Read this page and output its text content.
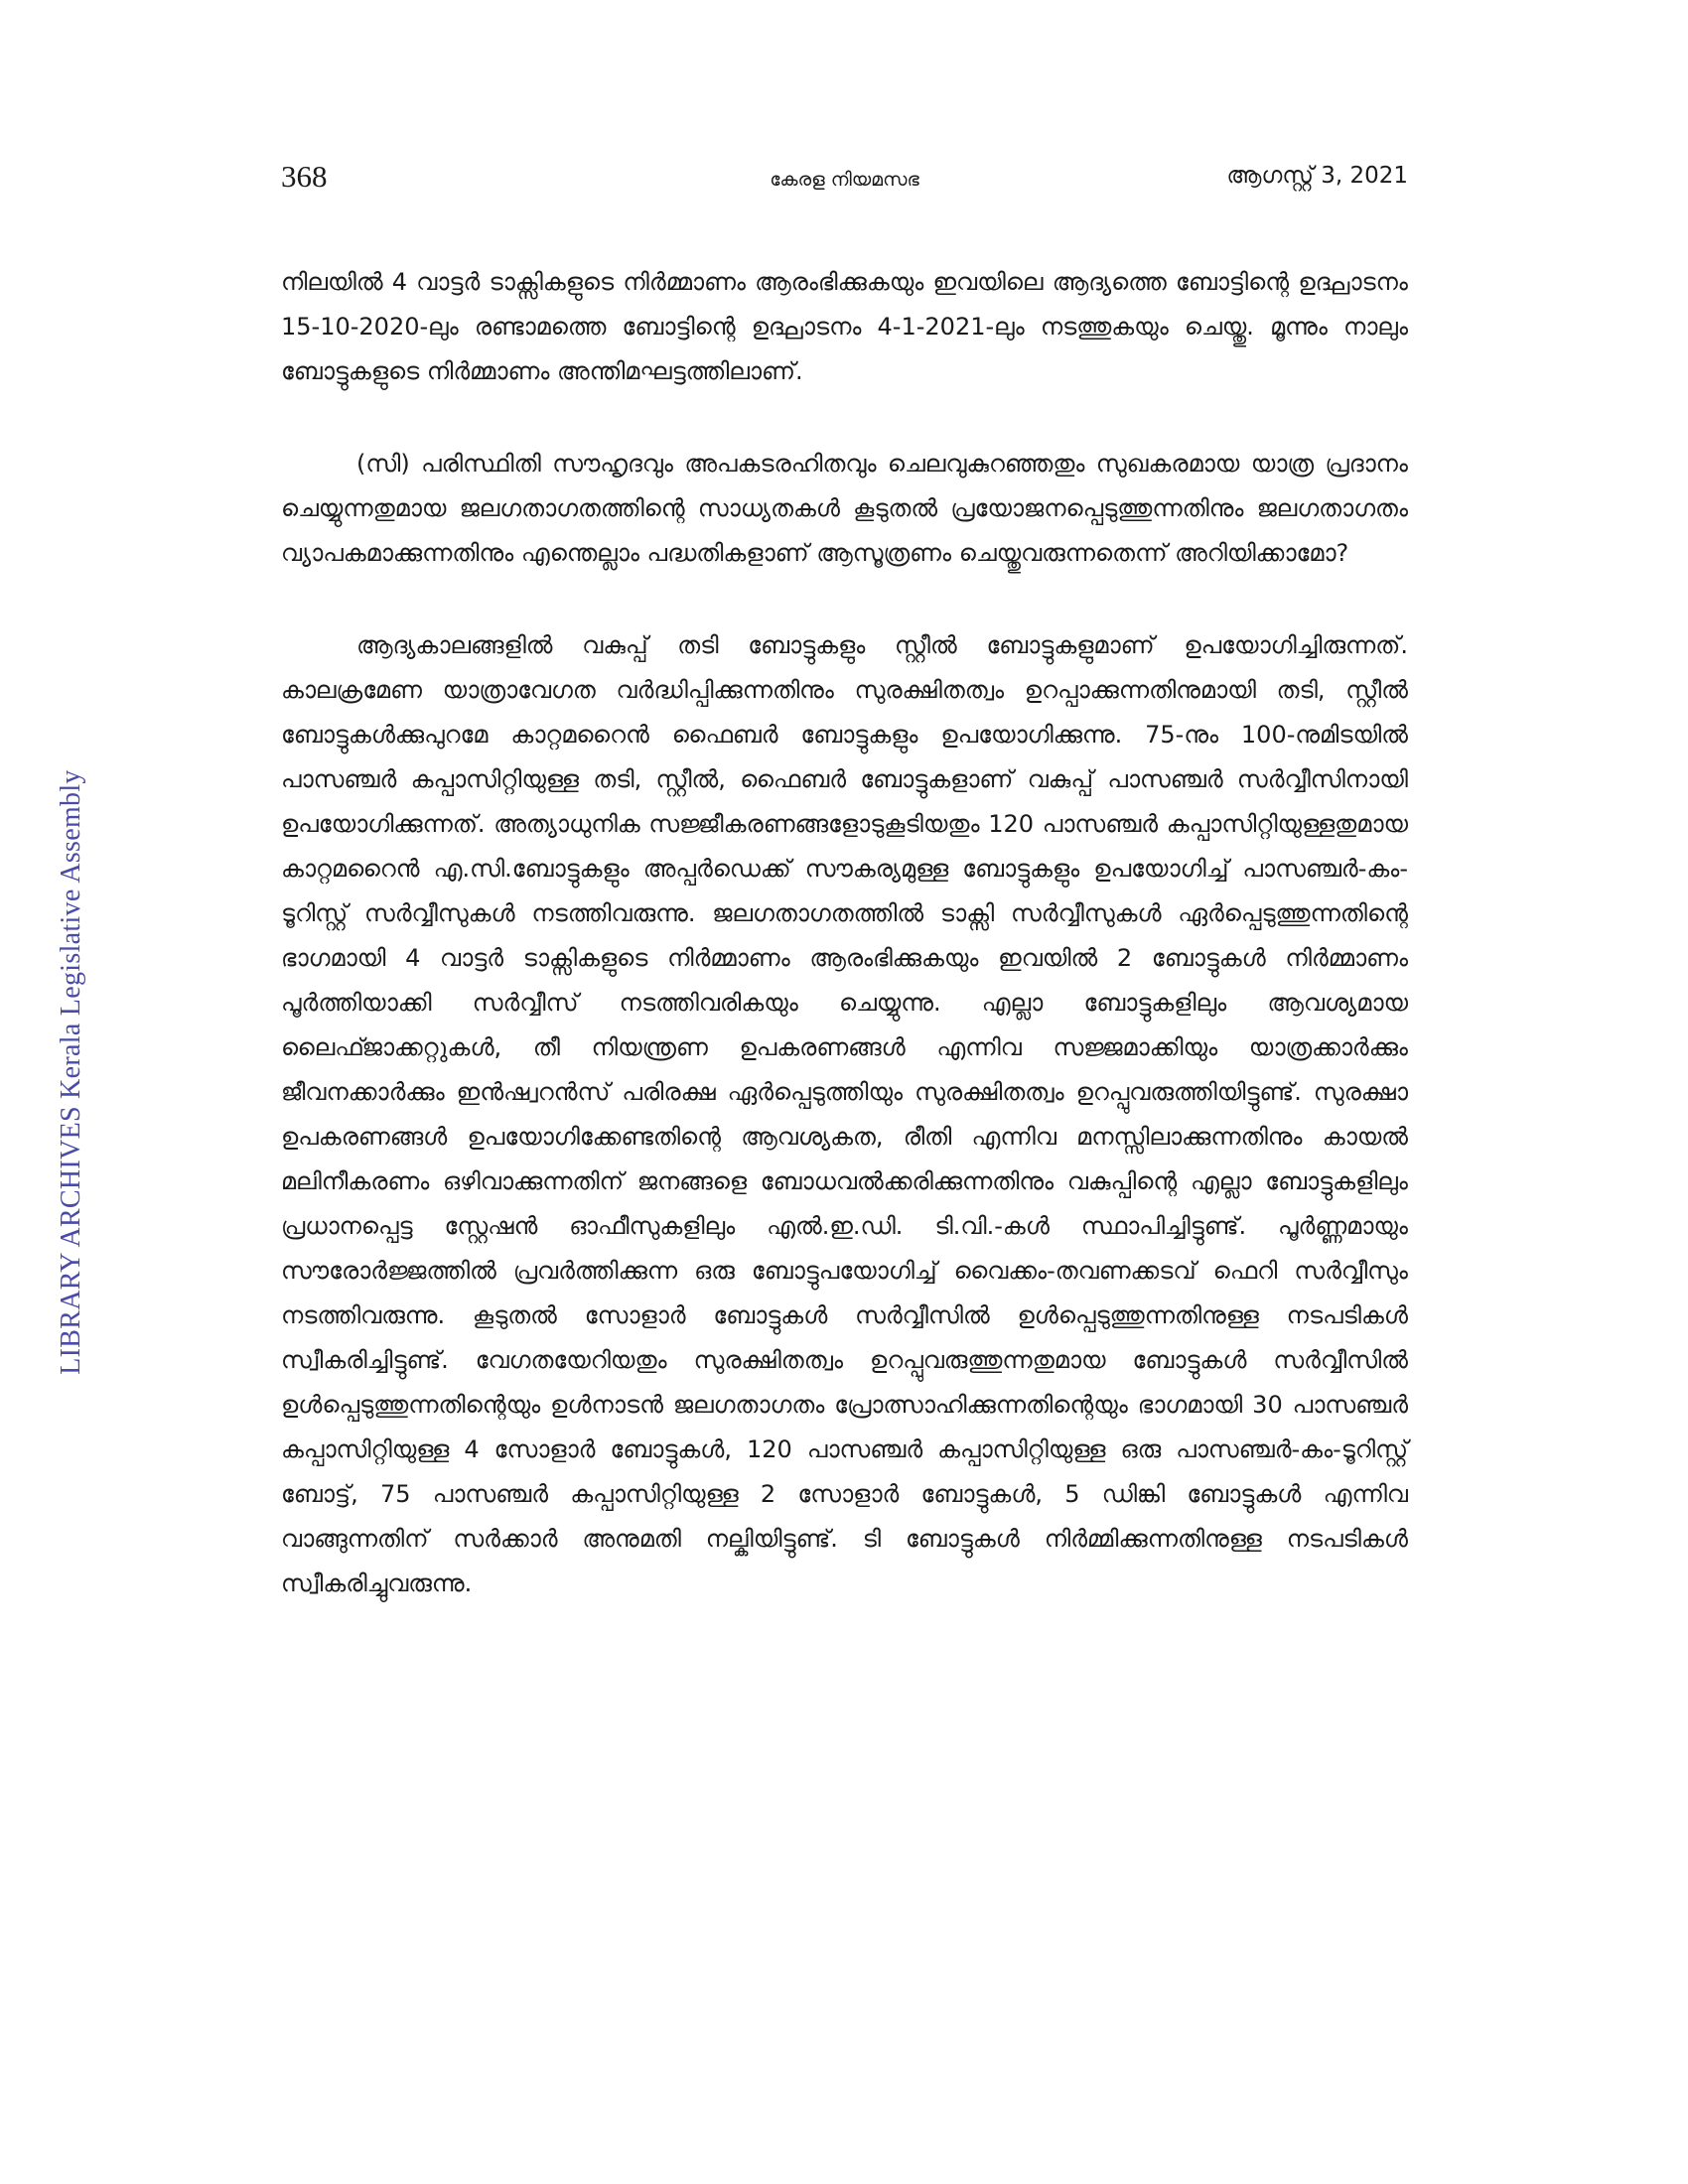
368	കേരള നിയമസഭ	ആഗസ്റ്റ് 3, 2021
LIBRARY ARCHIVES Kerala Legislative Assembly

നിലയിൽ 4 വാട്ടർ ടാക്സികളുടെ നിർമ്മാണം ആരംഭിക്കുകയും ഇവയിലെ ആദ്യത്തെ ബോട്ടിന്റെ ഉദ്ഘാടനം 15-10-2020-ലും രണ്ടാമത്തെ ബോട്ടിന്റെ ഉദ്ഘാടനം 4-1-2021-ലും നടത്തുകയും ചെയ്തു. മൂന്നും നാലും ബോട്ടുകളുടെ നിർമ്മാണം അന്തിമഘട്ടത്തിലാണ്.

(സി) പരിസ്ഥിതി സൗഹൃദവും അപകടരഹിതവും ചെലവുകുറഞ്ഞതും സുഖകരമായ യാത്ര പ്രദാനം ചെയ്യുന്നതുമായ ജലഗതാഗതത്തിന്റെ സാധ്യതകൾ കൂടുതൽ പ്രയോജനപ്പെടുത്തുന്നതിനും ജലഗതാഗതം വ്യാപകമാക്കുന്നതിനും എന്തെല്ലാം പദ്ധതികളാണ് ആസൂത്രണം ചെയ്തുവരുന്നതെന്ന് അറിയിക്കാമോ?

ആദ്യകാലങ്ങളിൽ വകുപ്പ് തടി ബോട്ടുകളും സ്റ്റീൽ ബോട്ടുകളുമാണ് ഉപയോഗിച്ചിരുന്നത്. കാലക്രമേണ യാത്രാവേഗത വർദ്ധിപ്പിക്കുന്നതിനും സുരക്ഷിതത്വം ഉറപ്പാക്കുന്നതിനുമായി തടി, സ്റ്റീൽ ബോട്ടുകൾക്കുപുറമേ കാറ്റമറൈൻ ഫൈബർ ബോട്ടുകളും ഉപയോഗിക്കുന്നു. 75-നും 100-നുമിടയിൽ പാസഞ്ചർ കപ്പാസിറ്റിയുള്ള തടി, സ്റ്റീൽ, ഫൈബർ ബോട്ടുകളാണ് വകുപ്പ് പാസഞ്ചർ സർവ്വീസിനായി ഉപയോഗിക്കുന്നത്. അത്യാധുനിക സജ്ജീകരണങ്ങളോടുകൂടിയതും 120 പാസഞ്ചർ കപ്പാസിറ്റിയുള്ളതുമായ കാറ്റമറൈൻ എ.സി.ബോട്ടുകളും അപ്പർഡെക്ക് സൗകര്യമുള്ള ബോട്ടുകളും ഉപയോഗിച്ച് പാസഞ്ചർ-കം-ടൂറിസ്റ്റ് സർവ്വീസുകൾ നടത്തിവരുന്നു. ജലഗതാഗതത്തിൽ ടാക്സി സർവ്വീസുകൾ ഏർപ്പെടുത്തുന്നതിന്റെ ഭാഗമായി 4 വാട്ടർ ടാക്സികളുടെ നിർമ്മാണം ആരംഭിക്കുകയും ഇവയിൽ 2 ബോട്ടുകൾ നിർമ്മാണം പൂർത്തിയാക്കി സർവ്വീസ് നടത്തിവരികയും ചെയ്യുന്നു. എല്ലാ ബോട്ടുകളിലും ആവശ്യമായ ലൈഫ്ജാക്കറ്റുകൾ, തീ നിയന്ത്രണ ഉപകരണങ്ങൾ എന്നിവ സജ്ജമാക്കിയും യാത്രക്കാർക്കും ജീവനക്കാർക്കും ഇൻഷ്വറൻസ് പരിരക്ഷ ഏർപ്പെടുത്തിയും സുരക്ഷിതത്വം ഉറപ്പുവരുത്തിയിട്ടുണ്ട്. സുരക്ഷാ ഉപകരണങ്ങൾ ഉപയോഗിക്കേണ്ടതിന്റെ ആവശ്യകത, രീതി എന്നിവ മനസ്സിലാക്കുന്നതിനും കായൽ മലിനീകരണം ഒഴിവാക്കുന്നതിന് ജനങ്ങളെ ബോധവൽക്കരിക്കുന്നതിനും വകുപ്പിന്റെ എല്ലാ ബോട്ടുകളിലും പ്രധാനപ്പെട്ട സ്റ്റേഷൻ ഓഫീസുകളിലും എൽ.ഇ.ഡി. ടി.വി.-കൾ സ്ഥാപിച്ചിട്ടുണ്ട്. പൂർണ്ണമായും സൗരോർജ്ജത്തിൽ പ്രവർത്തിക്കുന്ന ഒരു ബോട്ടുപയോഗിച്ച് വൈക്കം-തവണക്കടവ് ഫെറി സർവ്വീസും നടത്തിവരുന്നു. കൂടുതൽ സോളാർ ബോട്ടുകൾ സർവ്വീസിൽ ഉൾപ്പെടുത്തുന്നതിനുള്ള നടപടികൾ സ്വീകരിച്ചിട്ടുണ്ട്. വേഗതയേറിയതും സുരക്ഷിതത്വം ഉറപ്പുവരുത്തുന്നതുമായ ബോട്ടുകൾ സർവ്വീസിൽ ഉൾപ്പെടുത്തുന്നതിന്റെയും ഉൾനാടൻ ജലഗതാഗതം പ്രോത്സാഹിക്കുന്നതിന്റെയും ഭാഗമായി 30 പാസഞ്ചർ കപ്പാസിറ്റിയുള്ള 4 സോളാർ ബോട്ടുകൾ, 120 പാസഞ്ചർ കപ്പാസിറ്റിയുള്ള ഒരു പാസഞ്ചർ-കം-ടൂറിസ്റ്റ് ബോട്ട്, 75 പാസഞ്ചർ കപ്പാസിറ്റിയുള്ള 2 സോളാർ ബോട്ടുകൾ, 5 ഡിങ്കി ബോട്ടുകൾ എന്നിവ വാങ്ങുന്നതിന് സർക്കാർ അനുമതി നല്കിയിട്ടുണ്ട്. ടി ബോട്ടുകൾ നിർമ്മിക്കുന്നതിനുള്ള നടപടികൾ സ്വീകരിച്ചുവരുന്നു.
